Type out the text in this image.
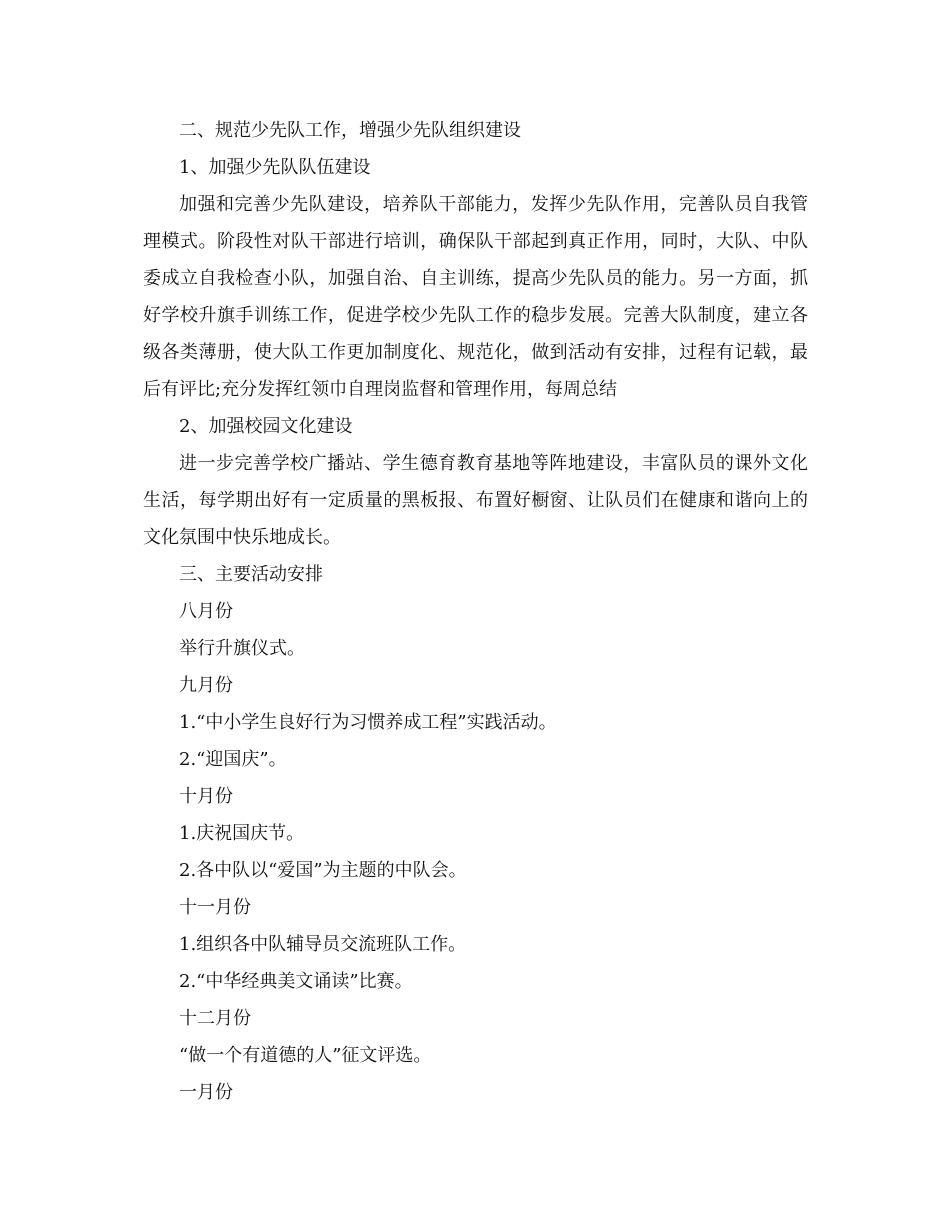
二、规范少先队工作，增强少先队组织建设
1、加强少先队队伍建设

加强和完善少先队建设，培养队干部能力，发挥少先队作用，完善队员自我管理模式。阶段性对队干部进行培训，确保队干部起到真正作用，同时，大队、中队委成立自我检查小队，加强自治、自主训练，提高少先队员的能力。另一方面，抓好学校升旗手训练工作，促进学校少先队工作的稳步发展。完善大队制度，建立各级各类薄册，使大队工作更加制度化、规范化，做到活动有安排，过程有记载，最后有评比;充分发挥红领巾自理岗监督和管理作用，每周总结

2、加强校园文化建设

进一步完善学校广播站、学生德育教育基地等阵地建设，丰富队员的课外文化生活，每学期出好有一定质量的黑板报、布置好橱窗、让队员们在健康和谐向上的文化氛围中快乐地成长。

三、主要活动安排
八月份
举行升旗仪式。
九月份
1.“中小学生良好行为习惯养成工程”实践活动。
2.“迎国庆”。
十月份
1.庆祝国庆节。
2.各中队以“爱国”为主题的中队会。
十一月份
1.组织各中队辅导员交流班队工作。
2.“中华经典美文诵读”比赛。
十二月份
“做一个有道德的人”征文评选。
一月份
